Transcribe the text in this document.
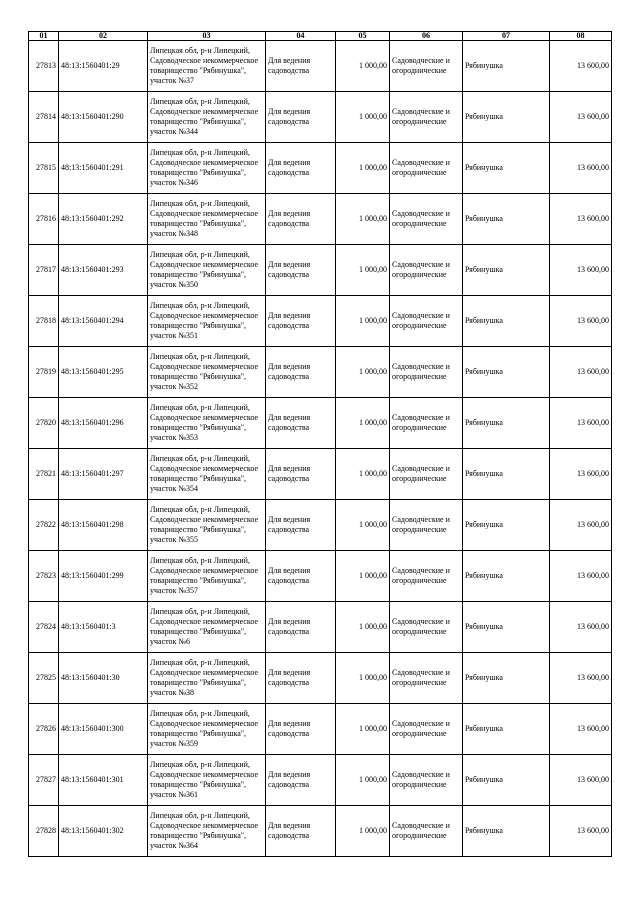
01	02	03	04	05	06	07	08
27813	48:13:1560401:29	Липецкая обл, р-н Липецкий, Садоводческое некоммерческое товарищество "Рябинушка", участок №37	Для ведения садоводства	1 000,00	Садоводческие и огороднические	Рябинушка	13 600,00
27814	48:13:1560401:290	Липецкая обл, р-н Липецкий, Садоводческое некоммерческое товарищество "Рябинушка", участок №344	Для ведения садоводства	1 000,00	Садоводческие и огороднические	Рябинушка	13 600,00
27815	48:13:1560401:291	Липецкая обл, р-н Липецкий, Садоводческое некоммерческое товарищество "Рябинушка", участок №346	Для ведения садоводства	1 000,00	Садоводческие и огороднические	Рябинушка	13 600,00
27816	48:13:1560401:292	Липецкая обл, р-н Липецкий, Садоводческое некоммерческое товарищество "Рябинушка", участок №348	Для ведения садоводства	1 000,00	Садоводческие и огороднические	Рябинушка	13 600,00
27817	48:13:1560401:293	Липецкая обл, р-н Липецкий, Садоводческое некоммерческое товарищество "Рябинушка", участок №350	Для ведения садоводства	1 000,00	Садоводческие и огороднические	Рябинушка	13 600,00
27818	48:13:1560401:294	Липецкая обл, р-н Липецкий, Садоводческое некоммерческое товарищество "Рябинушка", участок №351	Для ведения садоводства	1 000,00	Садоводческие и огороднические	Рябинушка	13 600,00
27819	48:13:1560401:295	Липецкая обл, р-н Липецкий, Садоводческое некоммерческое товарищество "Рябинушка", участок №352	Для ведения садоводства	1 000,00	Садоводческие и огороднические	Рябинушка	13 600,00
27820	48:13:1560401:296	Липецкая обл, р-н Липецкий, Садоводческое некоммерческое товарищество "Рябинушка", участок №353	Для ведения садоводства	1 000,00	Садоводческие и огороднические	Рябинушка	13 600,00
27821	48:13:1560401:297	Липецкая обл, р-н Липецкий, Садоводческое некоммерческое товарищество "Рябинушка", участок №354	Для ведения садоводства	1 000,00	Садоводческие и огороднические	Рябинушка	13 600,00
27822	48:13:1560401:298	Липецкая обл, р-н Липецкий, Садоводческое некоммерческое товарищество "Рябинушка", участок №355	Для ведения садоводства	1 000,00	Садоводческие и огороднические	Рябинушка	13 600,00
27823	48:13:1560401:299	Липецкая обл, р-н Липецкий, Садоводческое некоммерческое товарищество "Рябинушка", участок №357	Для ведения садоводства	1 000,00	Садоводческие и огороднические	Рябинушка	13 600,00
27824	48:13:1560401:3	Липецкая обл, р-н Липецкий, Садоводческое некоммерческое товарищество "Рябинушка", участок №6	Для ведения садоводства	1 000,00	Садоводческие и огороднические	Рябинушка	13 600,00
27825	48:13:1560401:30	Липецкая обл, р-н Липецкий, Садоводческое некоммерческое товарищество "Рябинушка", участок №38	Для ведения садоводства	1 000,00	Садоводческие и огороднические	Рябинушка	13 600,00
27826	48:13:1560401:300	Липецкая обл, р-н Липецкий, Садоводческое некоммерческое товарищество "Рябинушка", участок №359	Для ведения садоводства	1 000,00	Садоводческие и огороднические	Рябинушка	13 600,00
27827	48:13:1560401:301	Липецкая обл, р-н Липецкий, Садоводческое некоммерческое товарищество "Рябинушка", участок №361	Для ведения садоводства	1 000,00	Садоводческие и огороднические	Рябинушка	13 600,00
27828	48:13:1560401:302	Липецкая обл, р-н Липецкий, Садоводческое некоммерческое товарищество "Рябинушка", участок №364	Для ведения садоводства	1 000,00	Садоводческие и огороднические	Рябинушка	13 600,00
